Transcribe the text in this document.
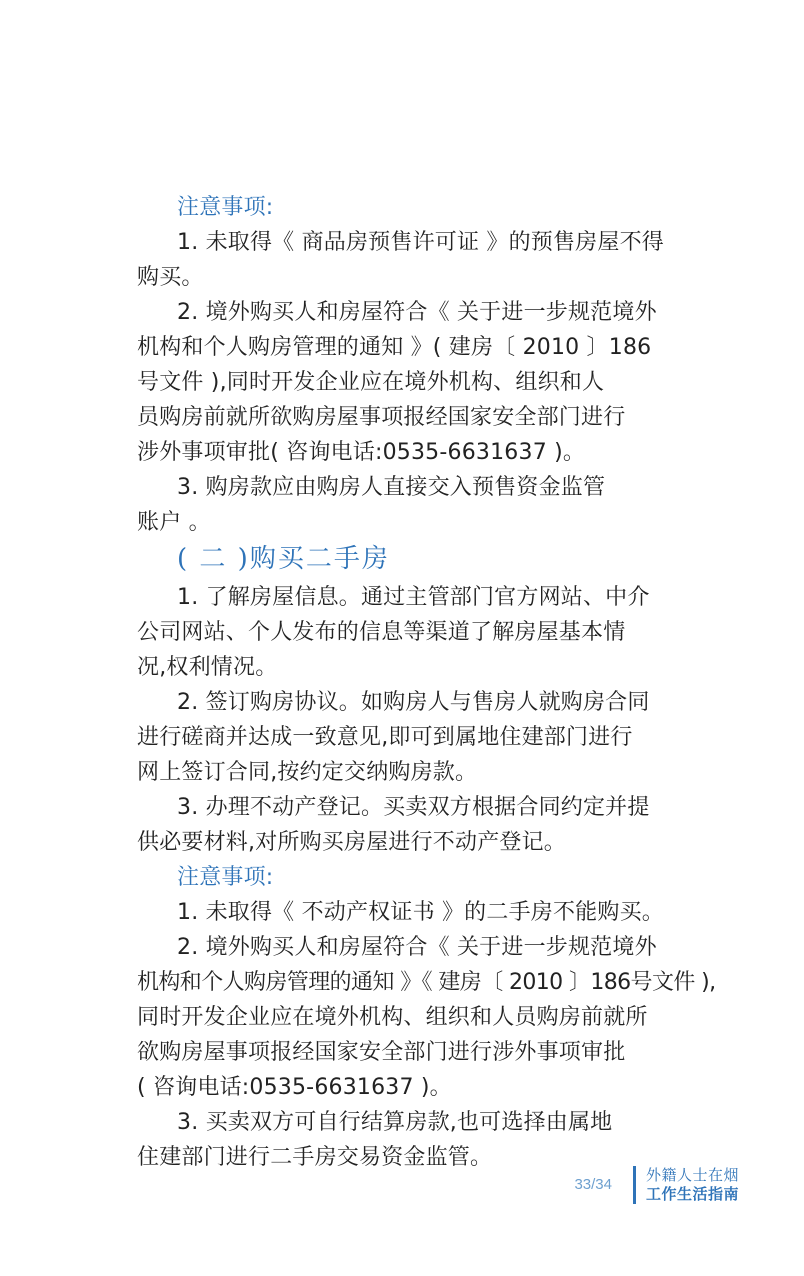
注意事项:
1. 未取得《 商品房预售许可证 》的预售房屋不得
购买。
2. 境外购买人和房屋符合《 关于进一步规范境外
机构和个人购房管理的通知 》( 建房〔 2010 〕186
号文件 ),同时开发企业应在境外机构、组织和人
员购房前就所欲购房屋事项报经国家安全部门进行
涉外事项审批( 咨询电话:0535-6631637 )。
3. 购房款应由购房人直接交入预售资金监管
账户 。
( 二 )购买二手房
1. 了解房屋信息。通过主管部门官方网站、中介
公司网站、个人发布的信息等渠道了解房屋基本情
况,权利情况。
2. 签订购房协议。如购房人与售房人就购房合同
进行磋商并达成一致意见,即可到属地住建部门进行
网上签订合同,按约定交纳购房款。
3. 办理不动产登记。买卖双方根据合同约定并提
供必要材料,对所购买房屋进行不动产登记。
注意事项:
1. 未取得《 不动产权证书 》的二手房不能购买。
2. 境外购买人和房屋符合《 关于进一步规范境外
机构和个人购房管理的通知 》《 建房〔 2010 〕186号文件 ),
同时开发企业应在境外机构、组织和人员购房前就所
欲购房屋事项报经国家安全部门进行涉外事项审批
( 咨询电话:0535-6631637 )。
3. 买卖双方可自行结算房款,也可选择由属地
住建部门进行二手房交易资金监管。
33/34
外籍人士在烟
工作生活指南
